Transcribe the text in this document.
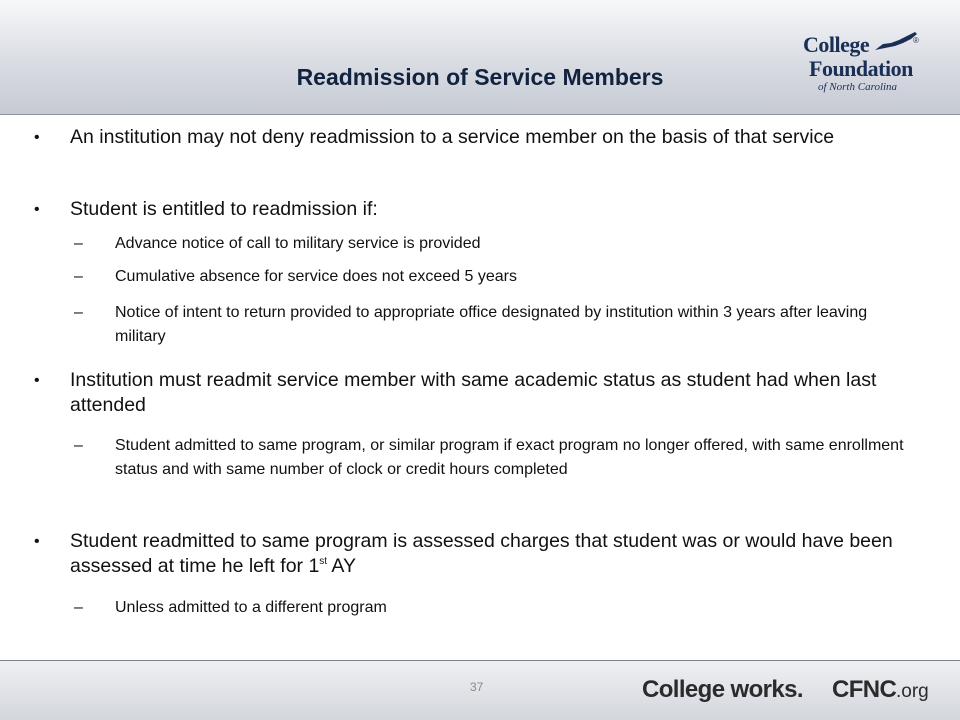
Readmission of Service Members
College	®
Foundation
of North Carolina
• An institution may not deny readmission to a service member on the basis of that service
• Student is entitled to readmission if:
– Advance notice of call to military service is provided
– Cumulative absence for service does not exceed 5 years
– Notice of intent to return provided to appropriate office designated by institution within 3 years after leaving military
• Institution must readmit service member with same academic status as student had when last attended
– Student admitted to same program, or similar program if exact program no longer offered, with same enrollment status and with same number of clock or credit hours completed
• Student readmitted to same program is assessed charges that student was or would have been assessed at time he left for 1st AY
– Unless admitted to a different program
37	College works. CFNC .org
